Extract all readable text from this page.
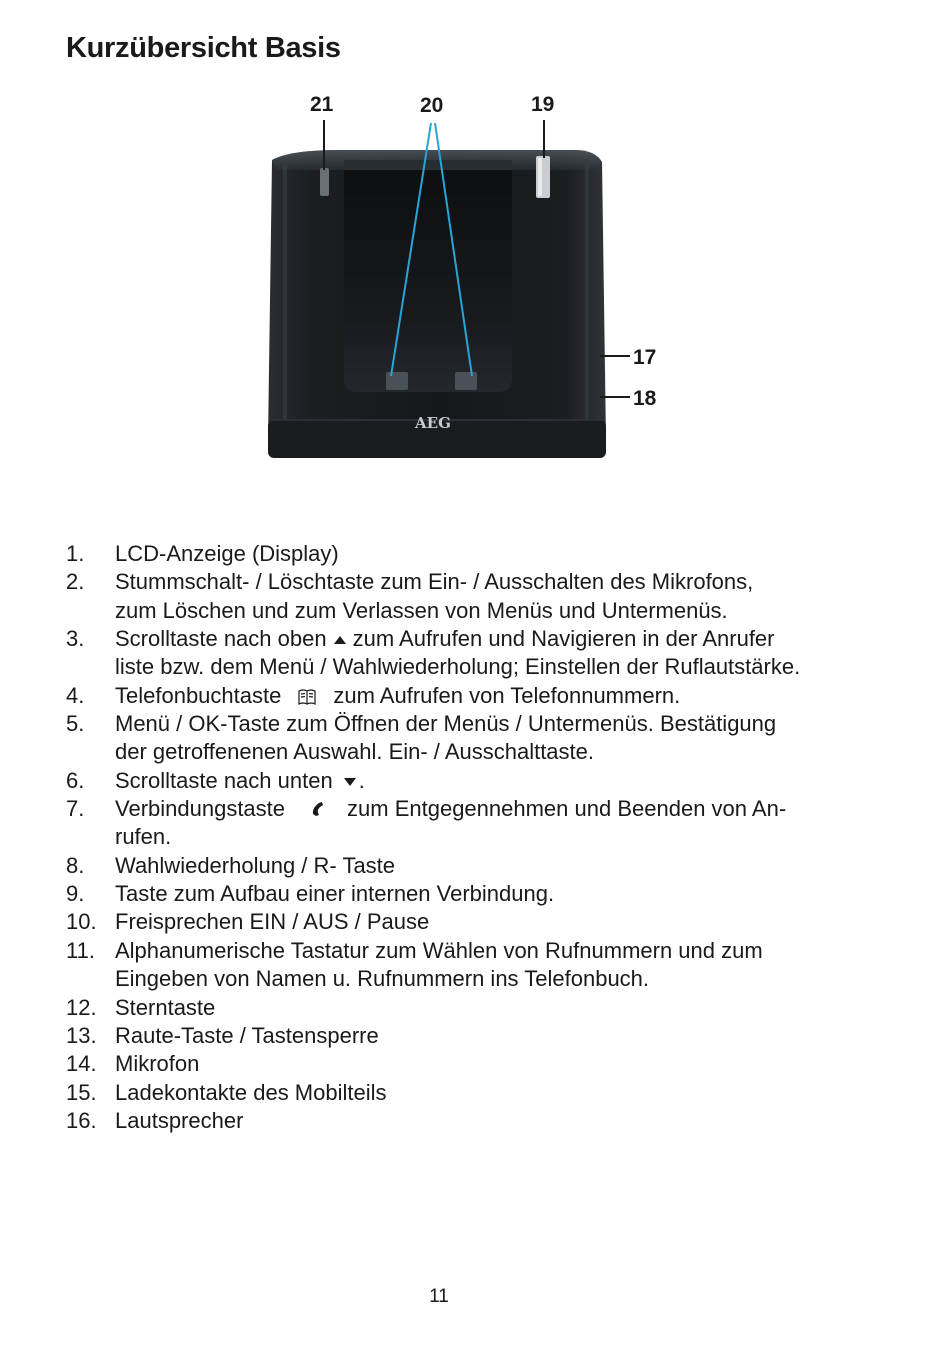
Kurzübersicht Basis
AEG
21	20	19
17
18
1.	LCD-Anzeige (Display)
2.	Stummschalt- / Löschtaste zum Ein- / Ausschalten des Mikrofons,
zum Löschen und zum Verlassen von Menüs und Untermenüs.
3.	Scrolltaste nach oben zum Aufrufen und Navigieren in der Anrufer
liste bzw. dem Menü / Wahlwiederholung; Einstellen der Ruflautstärke.
4.	Telefonbuchtaste zum Aufrufen von Telefonnummern.
5.	Menü / OK-Taste zum Öffnen der Menüs / Untermenüs. Bestätigung
der getroffenenen Auswahl. Ein- / Ausschalttaste.
6.	Scrolltaste nach unten .
7.	Verbindungstaste	zum Entgegennehmen und Beenden von An-
rufen.
8.	Wahlwiederholung / R- Taste
9.	Taste zum Aufbau einer internen Verbindung.
10. Freisprechen EIN / AUS / Pause
11. Alphanumerische Tastatur zum Wählen von Rufnummern und zum
Eingeben von Namen u. Rufnummern ins Telefonbuch.
12. Sterntaste
13. Raute-Taste / Tastensperre
14. Mikrofon
15. Ladekontakte des Mobilteils
16. Lautsprecher
11
